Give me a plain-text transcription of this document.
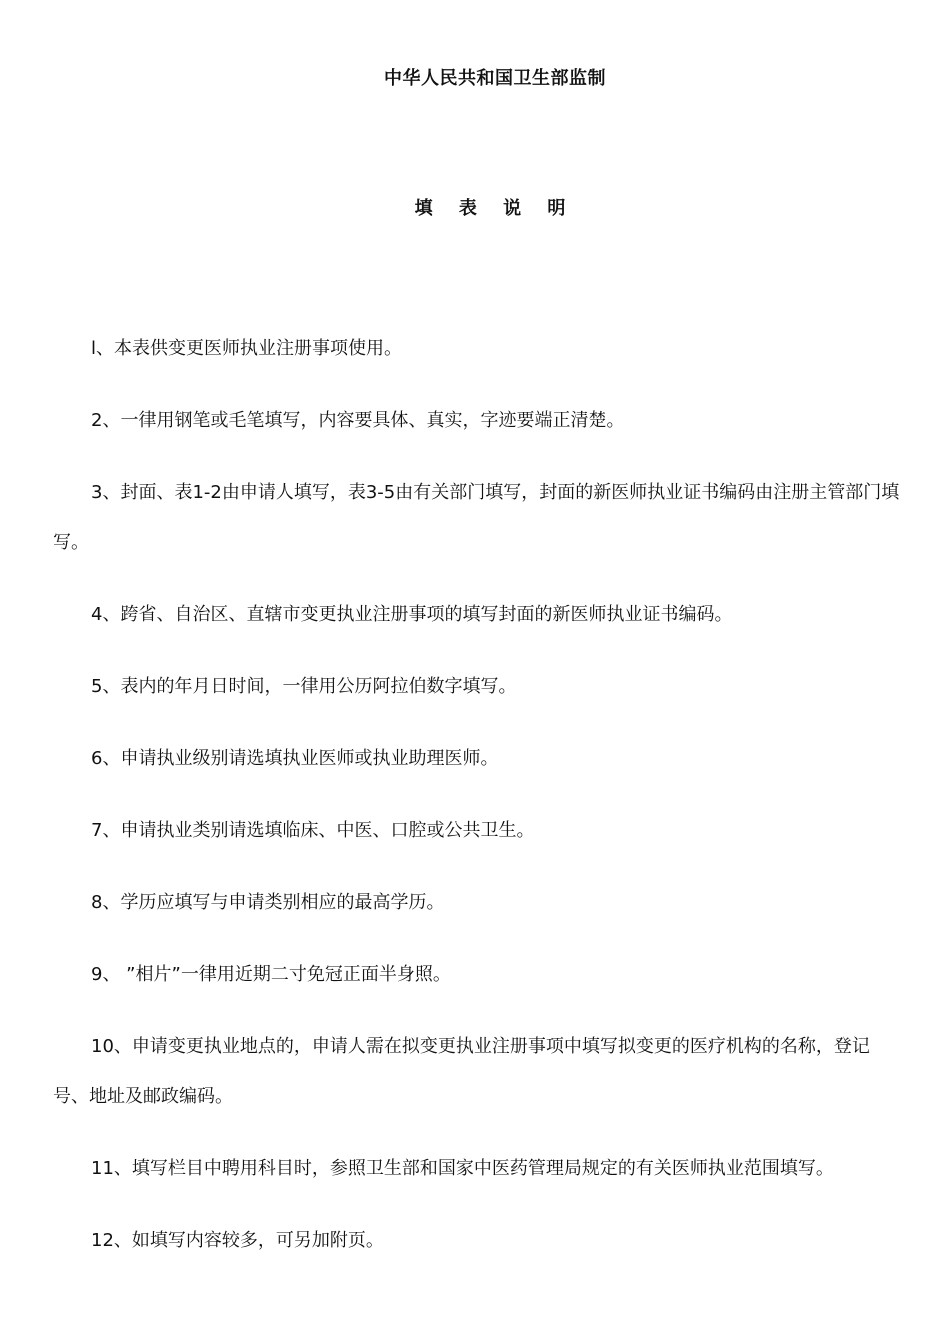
中华人民共和国卫生部监制
填 表 说 明
l、本表供变更医师执业注册事项使用。
2、一律用钢笔或毛笔填写，内容要具体、真实，字迹要端正清楚。
3、封面、表1-2由申请人填写，表3-5由有关部门填写，封面的新医师执业证书编码由注册主管部门填写。
4、跨省、自治区、直辖市变更执业注册事项的填写封面的新医师执业证书编码。
5、表内的年月日时间，一律用公历阿拉伯数字填写。
6、申请执业级别请选填执业医师或执业助理医师。
7、申请执业类别请选填临床、中医、口腔或公共卫生。
8、学历应填写与申请类别相应的最高学历。
9、 ”相片”一律用近期二寸免冠正面半身照。
10、申请变更执业地点的，申请人需在拟变更执业注册事项中填写拟变更的医疗机构的名称，登记号、地址及邮政编码。
11、填写栏目中聘用科目时，参照卫生部和国家中医药管理局规定的有关医师执业范围填写。
12、如填写内容较多，可另加附页。
